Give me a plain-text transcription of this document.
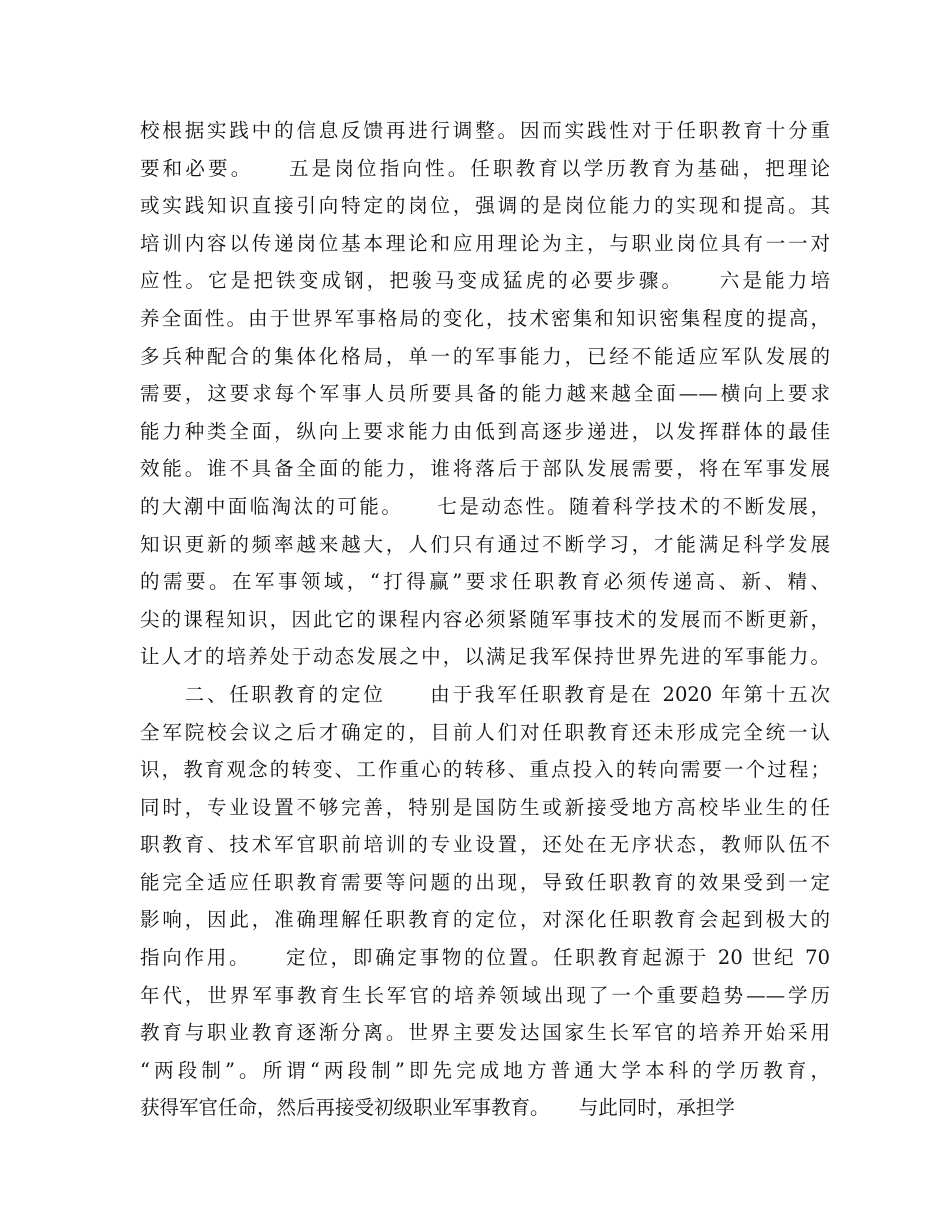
校根据实践中的信息反馈再进行调整。因而实践性对于任职教育十分重
要和必要。　　五是岗位指向性。任职教育以学历教育为基础，把理论
或实践知识直接引向特定的岗位，强调的是岗位能力的实现和提高。其
培训内容以传递岗位基本理论和应用理论为主，与职业岗位具有一一对
应性。它是把铁变成钢，把骏马变成猛虎的必要步骤。　　六是能力培
养全面性。由于世界军事格局的变化，技术密集和知识密集程度的提高，
多兵种配合的集体化格局，单一的军事能力，已经不能适应军队发展的
需要，这要求每个军事人员所要具备的能力越来越全面——横向上要求
能力种类全面，纵向上要求能力由低到高逐步递进，以发挥群体的最佳
效能。谁不具备全面的能力，谁将落后于部队发展需要，将在军事发展
的大潮中面临淘汰的可能。　　七是动态性。随着科学技术的不断发展，
知识更新的频率越来越大，人们只有通过不断学习，才能满足科学发展
的需要。在军事领域，“打得赢”要求任职教育必须传递高、新、精、
尖的课程知识，因此它的课程内容必须紧随军事技术的发展而不断更新，
让人才的培养处于动态发展之中，以满足我军保持世界先进的军事能力。
　　二、任职教育的定位　　由于我军任职教育是在 2020 年第十五次
全军院校会议之后才确定的，目前人们对任职教育还未形成完全统一认
识，教育观念的转变、工作重心的转移、重点投入的转向需要一个过程；
同时，专业设置不够完善，特别是国防生或新接受地方高校毕业生的任
职教育、技术军官职前培训的专业设置，还处在无序状态，教师队伍不
能完全适应任职教育需要等问题的出现，导致任职教育的效果受到一定
影响，因此，准确理解任职教育的定位，对深化任职教育会起到极大的
指向作用。　　定位，即确定事物的位置。任职教育起源于 20 世纪 70
年代，世界军事教育生长军官的培养领域出现了一个重要趋势——学历
教育与职业教育逐渐分离。世界主要发达国家生长军官的培养开始采用
“两段制”。所谓“两段制”即先完成地方普通大学本科的学历教育，
获得军官任命，然后再接受初级职业军事教育。　　与此同时，承担学
